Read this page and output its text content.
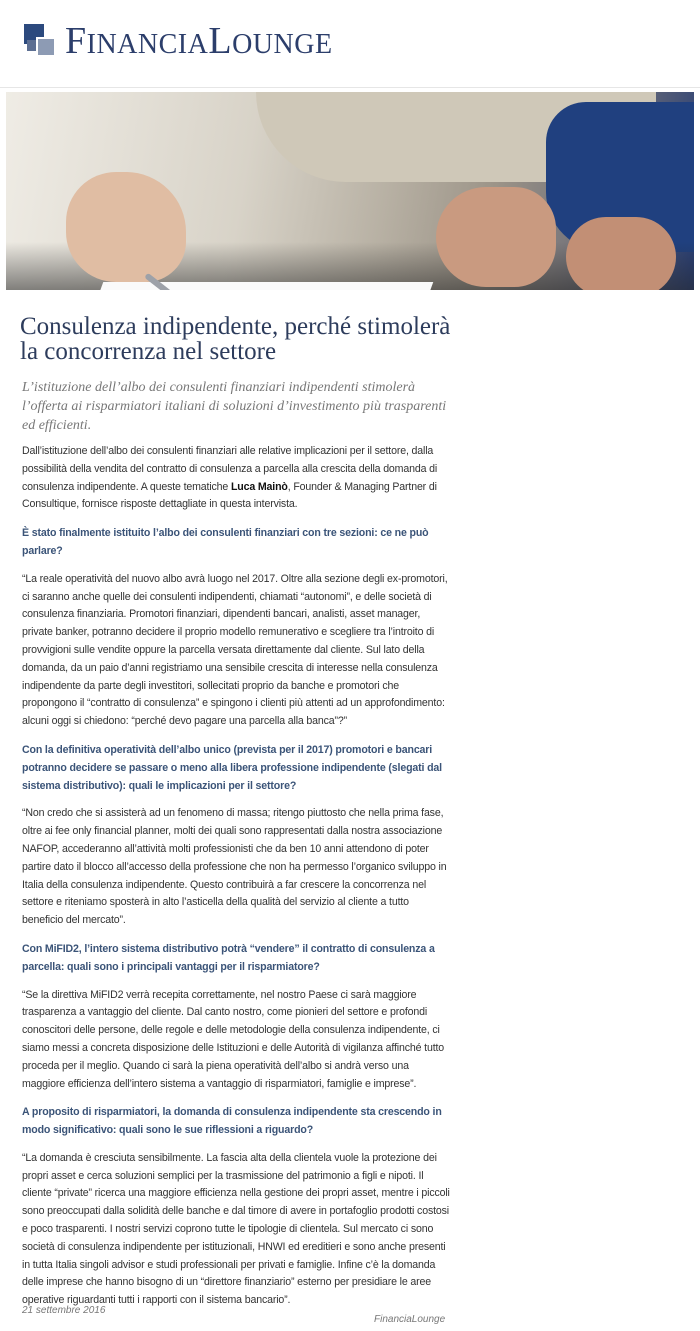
FINANCIALOUNGE
Consulenza indipendente, perché stimolerà la concorrenza nel settore

L’istituzione dell’albo dei consulenti finanziari indipendenti stimolerà l’offerta ai risparmiatori italiani di soluzioni d’investimento più trasparenti ed efficienti.

Dall’istituzione dell’albo dei consulenti finanziari alle relative implicazioni per il settore, dalla possibilità della vendita del contratto di consulenza a parcella alla crescita della domanda di consulenza indipendente. A queste tematiche Luca Mainò, Founder & Managing Partner di Consultique, fornisce risposte dettagliate in questa intervista.

È stato finalmente istituito l’albo dei consulenti finanziari con tre sezioni: ce ne può parlare?

“La reale operatività del nuovo albo avrà luogo nel 2017. Oltre alla sezione degli ex-promotori, ci saranno anche quelle dei consulenti indipendenti, chiamati “autonomi”, e delle società di consulenza finanziaria. Promotori finanziari, dipendenti bancari, analisti, asset manager, private banker, potranno decidere il proprio modello remunerativo e scegliere tra l’introito di provvigioni sulle vendite oppure la parcella versata direttamente dal cliente. Sul lato della domanda, da un paio d’anni registriamo una sensibile crescita di interesse nella consulenza indipendente da parte degli investitori, sollecitati proprio da banche e promotori che propongono il “contratto di consulenza” e spingono i clienti più attenti ad un approfondimento: alcuni oggi si chiedono: “perché devo pagare una parcella alla banca”?”

Con la definitiva operatività dell’albo unico (prevista per il 2017) promotori e bancari potranno decidere se passare o meno alla libera professione indipendente (slegati dal sistema distributivo): quali le implicazioni per il settore?

“Non credo che si assisterà ad un fenomeno di massa; ritengo piuttosto che nella prima fase, oltre ai fee only financial planner, molti dei quali sono rappresentati dalla nostra associazione NAFOP, accederanno all’attività molti professionisti che da ben 10 anni attendono di poter partire dato il blocco all’accesso della professione che non ha permesso l’organico sviluppo in Italia della consulenza indipendente. Questo contribuirà a far crescere la concorrenza nel settore e riteniamo sposterà in alto l’asticella della qualità del servizio al cliente a tutto beneficio del mercato”.

Con MiFID2, l’intero sistema distributivo potrà “vendere” il contratto di consulenza a parcella: quali sono i principali vantaggi per il risparmiatore?

“Se la direttiva MiFID2 verrà recepita correttamente, nel nostro Paese ci sarà maggiore trasparenza a vantaggio del cliente. Dal canto nostro, come pionieri del settore e profondi conoscitori delle persone, delle regole e delle metodologie della consulenza indipendente, ci siamo messi a concreta disposizione delle Istituzioni e delle Autorità di vigilanza affinché tutto proceda per il meglio. Quando ci sarà la piena operatività dell’albo si andrà verso una maggiore efficienza dell’intero sistema a vantaggio di risparmiatori, famiglie e imprese”.

A proposito di risparmiatori, la domanda di consulenza indipendente sta crescendo in modo significativo: quali sono le sue riflessioni a riguardo?

“La domanda è cresciuta sensibilmente. La fascia alta della clientela vuole la protezione dei propri asset e cerca soluzioni semplici per la trasmissione del patrimonio a figli e nipoti. Il cliente “private” ricerca una maggiore efficienza nella gestione dei propri asset, mentre i piccoli sono preoccupati dalla solidità delle banche e dal timore di avere in portafoglio prodotti costosi e poco trasparenti. I nostri servizi coprono tutte le tipologie di clientela. Sul mercato ci sono società di consulenza indipendente per istituzionali, HNWI ed ereditieri e sono anche presenti in tutta Italia singoli advisor e studi professionali per privati e famiglie. Infine c’è la domanda delle imprese che hanno bisogno di un “direttore finanziario” esterno per presidiare le aree operative riguardanti tutti i rapporti con il sistema bancario”.

21 settembre 2016
FinanciaLounge
